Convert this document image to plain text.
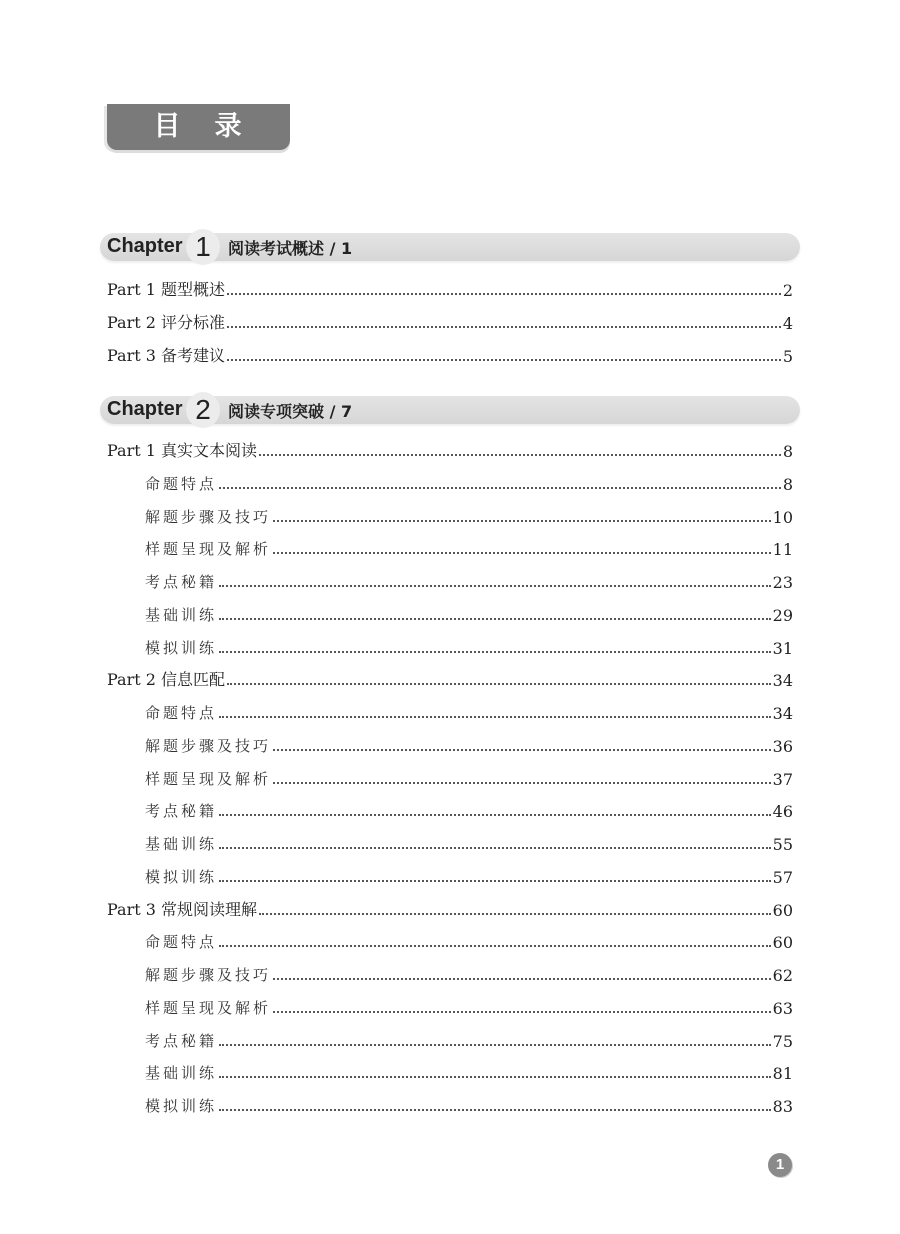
目 录
Chapter 1	阅读考试概述 / 1
Part 1 题型概述	2
Part 2 评分标准	4
Part 3 备考建议	5
Chapter 2	阅读专项突破 / 7
Part 1 真实文本阅读	8
命题特点	8
解题步骤及技巧	10
样题呈现及解析	11
考点秘籍	23
基础训练	29
模拟训练	31
Part 2 信息匹配	34
命题特点	34
解题步骤及技巧	36
样题呈现及解析	37
考点秘籍	46
基础训练	55
模拟训练	57
Part 3 常规阅读理解	60
命题特点	60
解题步骤及技巧	62
样题呈现及解析	63
考点秘籍	75
基础训练	81
模拟训练	83
1
